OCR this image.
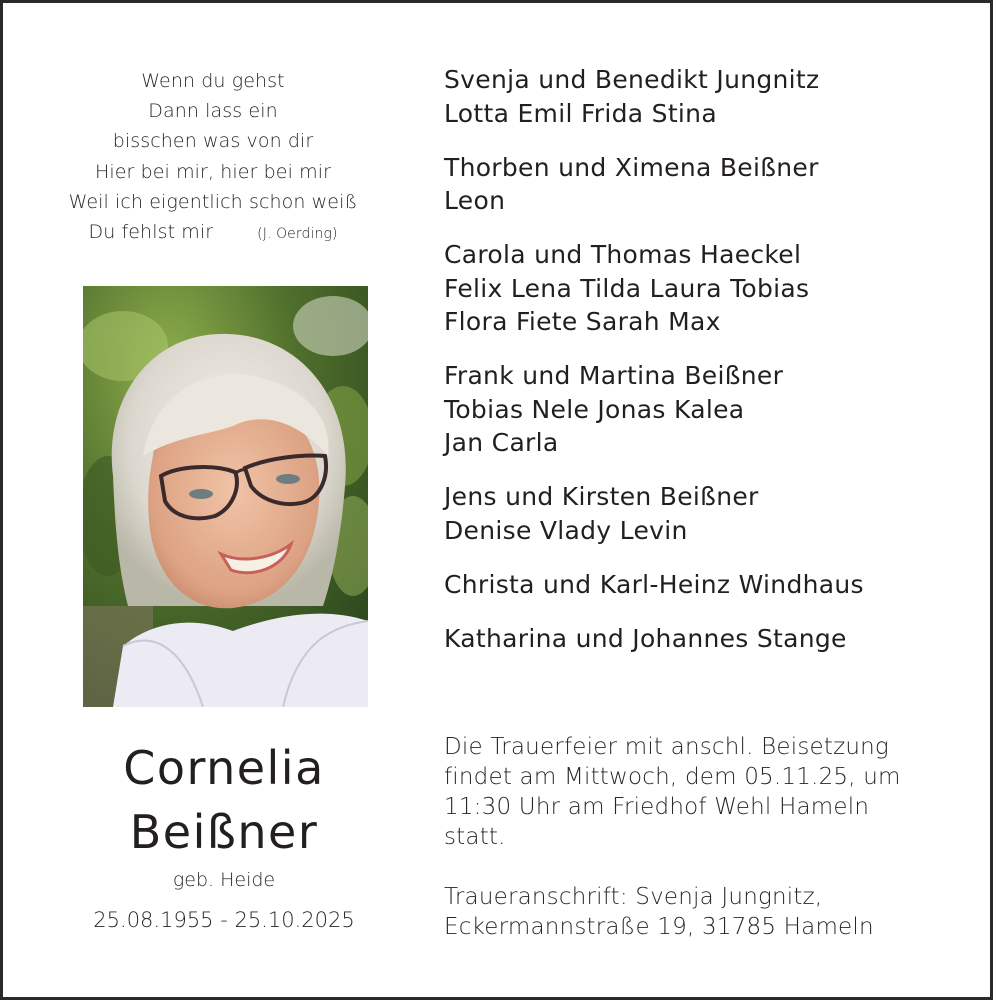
Wenn du gehst
Dann lass ein
bisschen was von dir
Hier bei mir, hier bei mir
Weil ich eigentlich schon weiß
Du fehlst mir	(J. Oerding)
Cornelia
Beißner
geb. Heide
25.08.1955 - 25.10.2025
Svenja und Benedikt Jungnitz
Lotta Emil Frida Stina
Thorben und Ximena Beißner
Leon
Carola und Thomas Haeckel
Felix Lena Tilda Laura Tobias
Flora Fiete Sarah Max
Frank und Martina Beißner
Tobias Nele Jonas Kalea
Jan Carla
Jens und Kirsten Beißner
Denise Vlady Levin
Christa und Karl-Heinz Windhaus
Katharina und Johannes Stange
Die Trauerfeier mit anschl. Beisetzung
findet am Mittwoch, dem 05.11.25, um
11:30 Uhr am Friedhof Wehl Hameln
statt.
Traueranschrift: Svenja Jungnitz,
Eckermannstraße 19, 31785 Hameln
